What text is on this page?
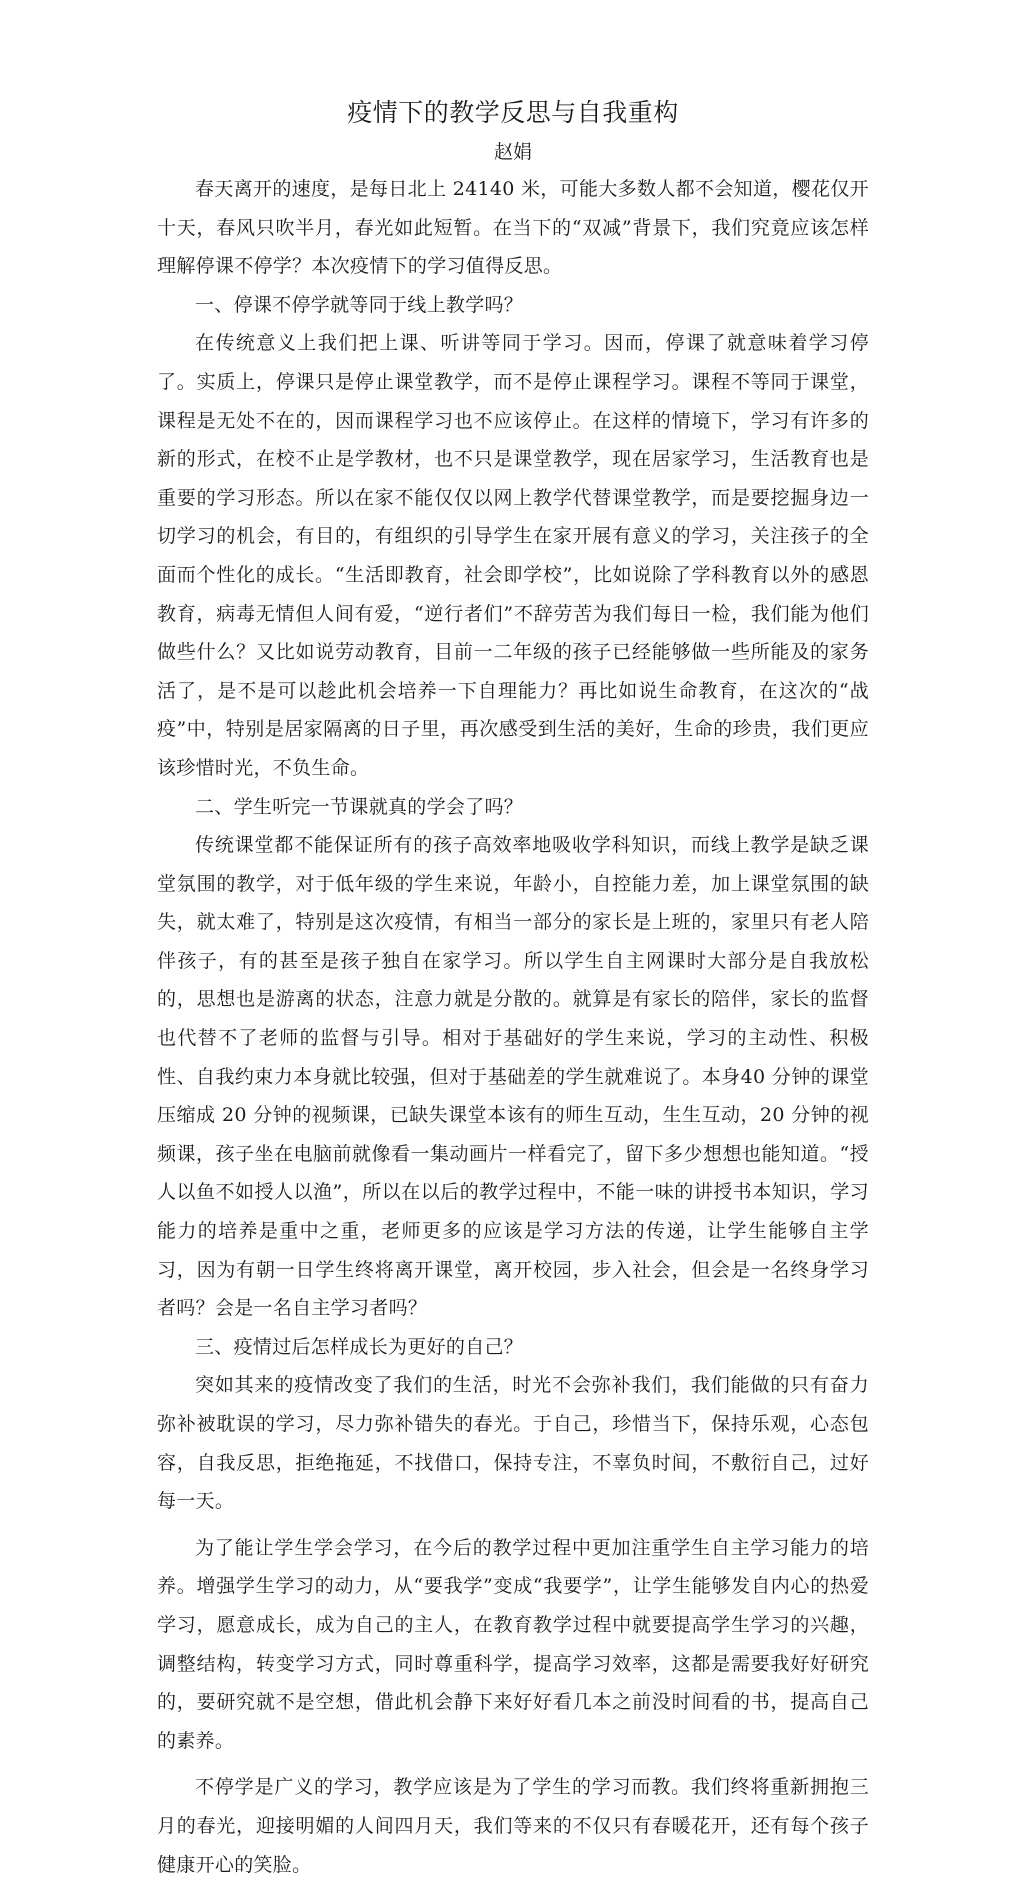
疫情下的教学反思与自我重构
赵娟

春天离开的速度，是每日北上 24140 米，可能大多数人都不会知道，樱花仅开十天，春风只吹半月，春光如此短暂。在当下的“双减”背景下，我们究竟应该怎样理解停课不停学？本次疫情下的学习值得反思。

一、停课不停学就等同于线上教学吗？

在传统意义上我们把上课、听讲等同于学习。因而，停课了就意味着学习停了。实质上，停课只是停止课堂教学，而不是停止课程学习。课程不等同于课堂，课程是无处不在的，因而课程学习也不应该停止。在这样的情境下，学习有许多的新的形式，在校不止是学教材，也不只是课堂教学，现在居家学习，生活教育也是重要的学习形态。所以在家不能仅仅以网上教学代替课堂教学，而是要挖掘身边一切学习的机会，有目的，有组织的引导学生在家开展有意义的学习，关注孩子的全面而个性化的成长。“生活即教育，社会即学校”，比如说除了学科教育以外的感恩教育，病毒无情但人间有爱，“逆行者们”不辞劳苦为我们每日一检，我们能为他们做些什么？又比如说劳动教育，目前一二年级的孩子已经能够做一些所能及的家务活了，是不是可以趁此机会培养一下自理能力？再比如说生命教育，在这次的“战疫”中，特别是居家隔离的日子里，再次感受到生活的美好，生命的珍贵，我们更应该珍惜时光，不负生命。

二、学生听完一节课就真的学会了吗？

传统课堂都不能保证所有的孩子高效率地吸收学科知识，而线上教学是缺乏课堂氛围的教学，对于低年级的学生来说，年龄小，自控能力差，加上课堂氛围的缺失，就太难了，特别是这次疫情，有相当一部分的家长是上班的，家里只有老人陪伴孩子，有的甚至是孩子独自在家学习。所以学生自主网课时大部分是自我放松的，思想也是游离的状态，注意力就是分散的。就算是有家长的陪伴，家长的监督也代替不了老师的监督与引导。相对于基础好的学生来说，学习的主动性、积极性、自我约束力本身就比较强，但对于基础差的学生就难说了。本身40 分钟的课堂压缩成 20 分钟的视频课，已缺失课堂本该有的师生互动，生生互动，20 分钟的视频课，孩子坐在电脑前就像看一集动画片一样看完了，留下多少想想也能知道。“授人以鱼不如授人以渔”，所以在以后的教学过程中，不能一味的讲授书本知识，学习能力的培养是重中之重，老师更多的应该是学习方法的传递，让学生能够自主学习，因为有朝一日学生终将离开课堂，离开校园，步入社会，但会是一名终身学习者吗？会是一名自主学习者吗？

三、疫情过后怎样成长为更好的自己？

突如其来的疫情改变了我们的生活，时光不会弥补我们，我们能做的只有奋力弥补被耽误的学习，尽力弥补错失的春光。于自己，珍惜当下，保持乐观，心态包容，自我反思，拒绝拖延，不找借口，保持专注，不辜负时间，不敷衍自己，过好每一天。

为了能让学生学会学习，在今后的教学过程中更加注重学生自主学习能力的培养。增强学生学习的动力，从“要我学”变成“我要学”，让学生能够发自内心的热爱学习，愿意成长，成为自己的主人，在教育教学过程中就要提高学生学习的兴趣，调整结构，转变学习方式，同时尊重科学，提高学习效率，这都是需要我好好研究的，要研究就不是空想，借此机会静下来好好看几本之前没时间看的书，提高自己的素养。

不停学是广义的学习，教学应该是为了学生的学习而教。我们终将重新拥抱三月的春光，迎接明媚的人间四月天，我们等来的不仅只有春暖花开，还有每个孩子健康开心的笑脸。
